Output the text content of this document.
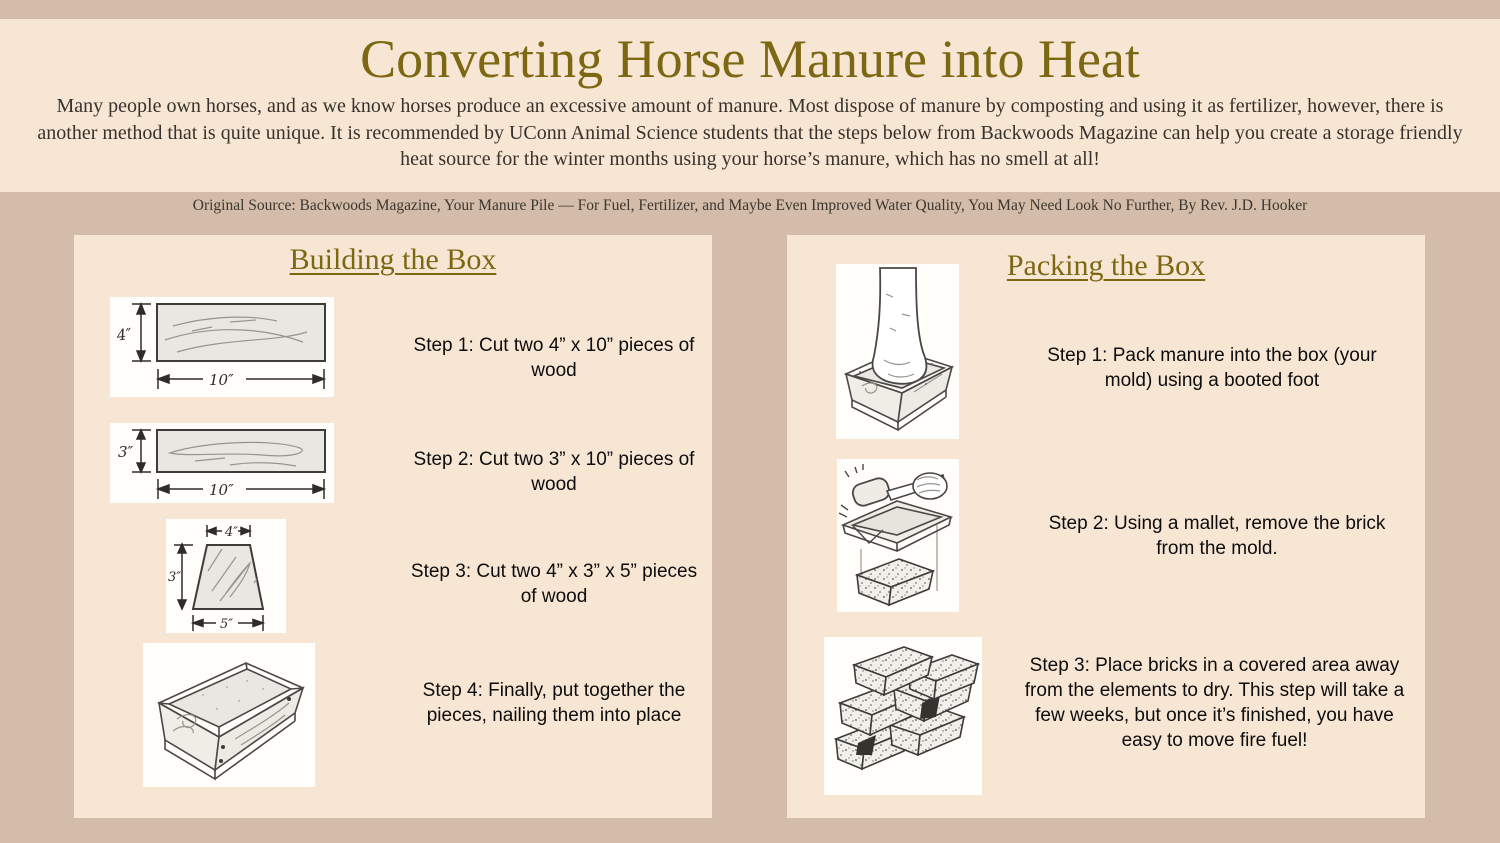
Converting Horse Manure into Heat

Many people own horses, and as we know horses produce an excessive amount of manure. Most dispose of manure by composting and using it as fertilizer, however, there is another method that is quite unique. It is recommended by UConn Animal Science students that the steps below from Backwoods Magazine can help you create a storage friendly heat source for the winter months using your horse’s manure, which has no smell at all!

Original Source: Backwoods Magazine, Your Manure Pile — For Fuel, Fertilizer, and Maybe Even Improved Water Quality, You May Need Look No Further, By Rev. J.D. Hooker
Building the Box
4″
10″
Step 1: Cut two 4” x 10” pieces of wood
3″
10″
Step 2: Cut two 3” x 10” pieces of wood
4″
3″
5″
Step 3: Cut two 4” x 3” x 5” pieces of wood
Step 4: Finally, put together the pieces, nailing them into place
Packing the Box
Step 1: Pack manure into the box (your mold) using a booted foot
Step 2: Using a mallet, remove the brick from the mold.
Step 3: Place bricks in a covered area away from the elements to dry. This step will take a few weeks, but once it’s finished, you have easy to move fire fuel!
